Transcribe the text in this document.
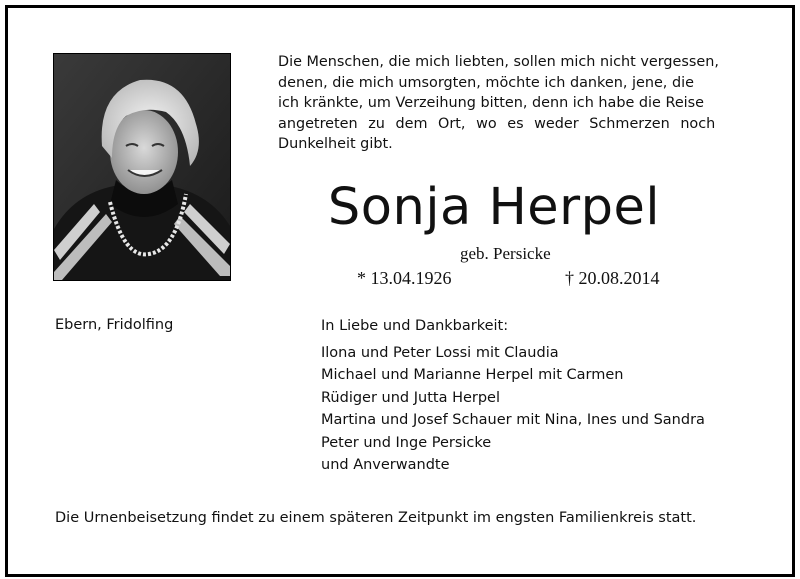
Die Menschen, die mich liebten, sollen mich nicht vergessen,
denen, die mich umsorgten, möchte ich danken, jene, die
ich kränkte, um Verzeihung bitten, denn ich habe die Reise
angetreten zu dem Ort, wo es weder Schmerzen noch
Dunkelheit gibt.
Sonja Herpel
geb. Persicke
* 13.04.1926	† 20.08.2014
Ebern, Fridolfing	In Liebe und Dankbarkeit:
Ilona und Peter Lossi mit Claudia
Michael und Marianne Herpel mit Carmen
Rüdiger und Jutta Herpel
Martina und Josef Schauer mit Nina, Ines und Sandra
Peter und Inge Persicke
und Anverwandte
Die Urnenbeisetzung findet zu einem späteren Zeitpunkt im engsten Familienkreis statt.
